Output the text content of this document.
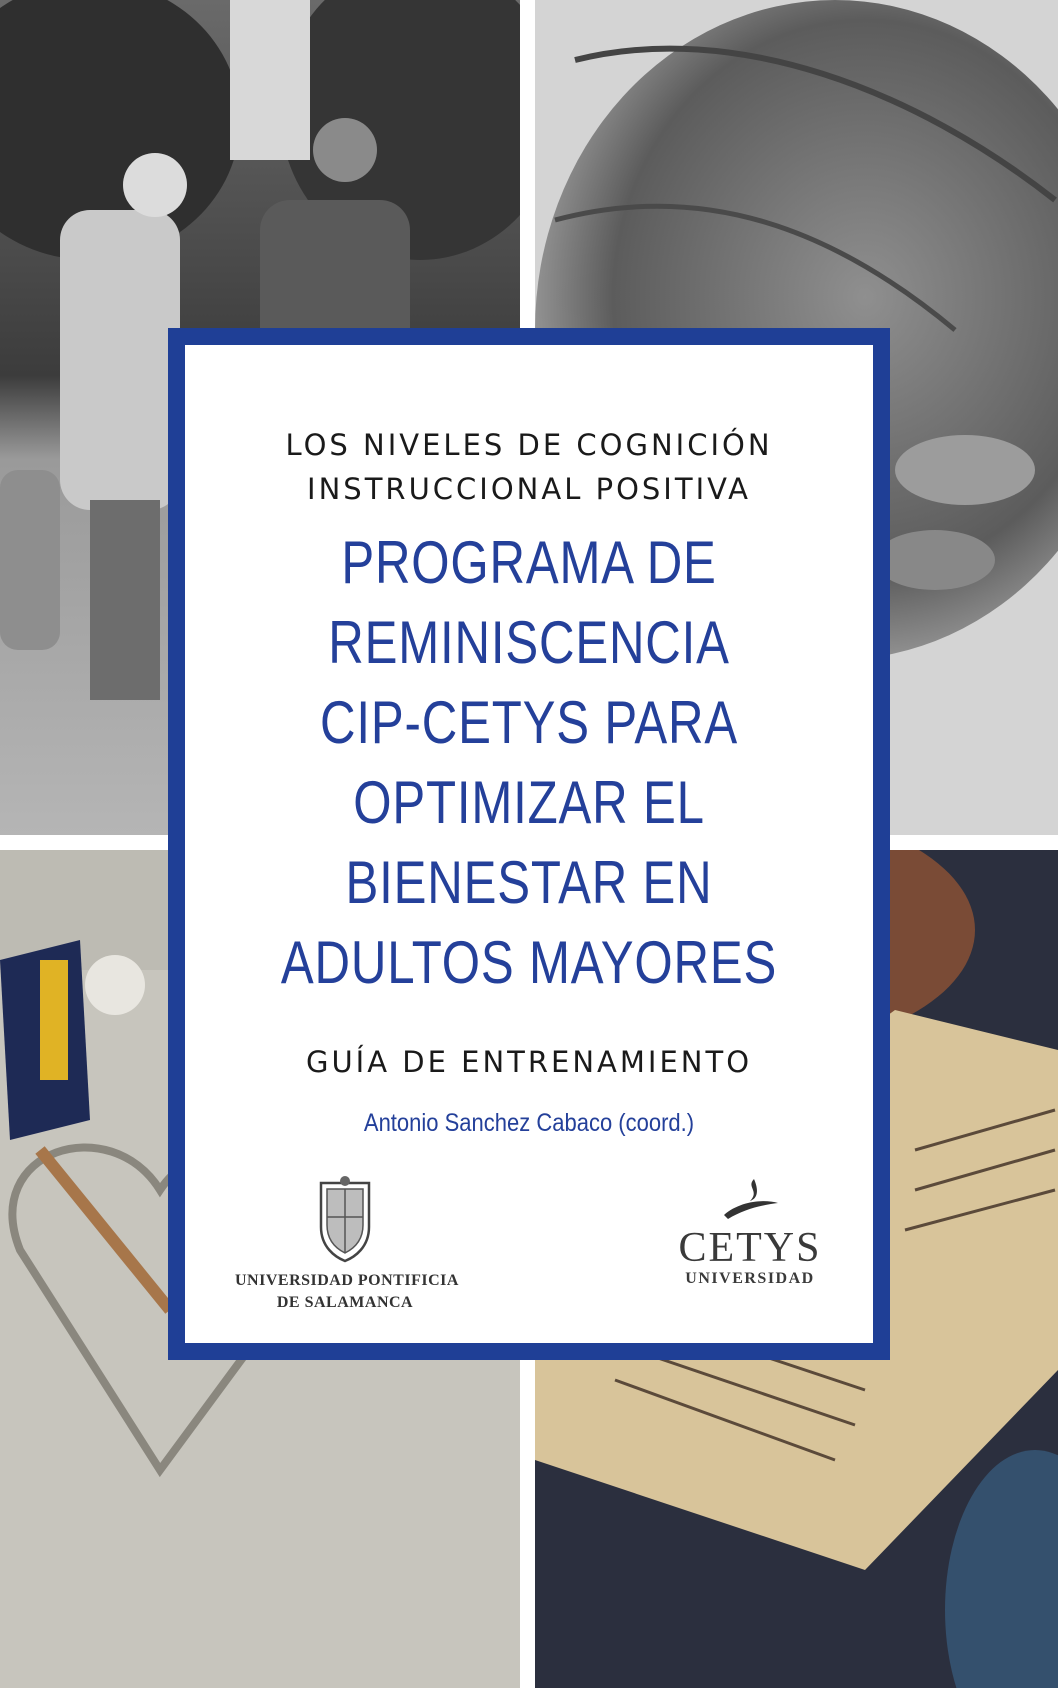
LOS NIVELES DE COGNICIÓN
INSTRUCCIONAL POSITIVA
PROGRAMA DE
REMINISCENCIA
CIP-CETYS PARA
OPTIMIZAR EL
BIENESTAR EN
ADULTOS MAYORES
GUÍA DE ENTRENAMIENTO
Antonio Sanchez Cabaco (coord.)
UNIVERSIDAD PONTIFICIA
DE SALAMANCA
CETYS
UNIVERSIDAD
